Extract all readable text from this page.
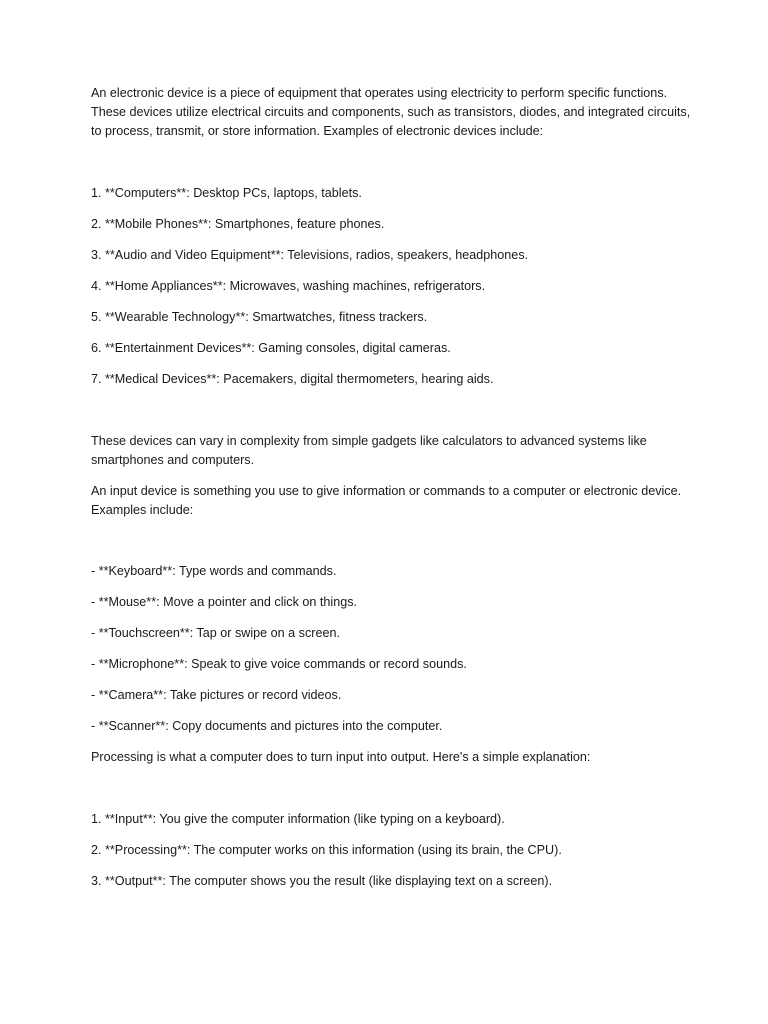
An electronic device is a piece of equipment that operates using electricity to perform specific functions. These devices utilize electrical circuits and components, such as transistors, diodes, and integrated circuits, to process, transmit, or store information. Examples of electronic devices include:

1. **Computers**: Desktop PCs, laptops, tablets.

2. **Mobile Phones**: Smartphones, feature phones.

3. **Audio and Video Equipment**: Televisions, radios, speakers, headphones.

4. **Home Appliances**: Microwaves, washing machines, refrigerators.

5. **Wearable Technology**: Smartwatches, fitness trackers.

6. **Entertainment Devices**: Gaming consoles, digital cameras.

7. **Medical Devices**: Pacemakers, digital thermometers, hearing aids.

These devices can vary in complexity from simple gadgets like calculators to advanced systems like smartphones and computers.

An input device is something you use to give information or commands to a computer or electronic device. Examples include:

- **Keyboard**: Type words and commands.

- **Mouse**: Move a pointer and click on things.

- **Touchscreen**: Tap or swipe on a screen.

- **Microphone**: Speak to give voice commands or record sounds.

- **Camera**: Take pictures or record videos.

- **Scanner**: Copy documents and pictures into the computer.

Processing is what a computer does to turn input into output. Here's a simple explanation:

1. **Input**: You give the computer information (like typing on a keyboard).

2. **Processing**: The computer works on this information (using its brain, the CPU).

3. **Output**: The computer shows you the result (like displaying text on a screen).
